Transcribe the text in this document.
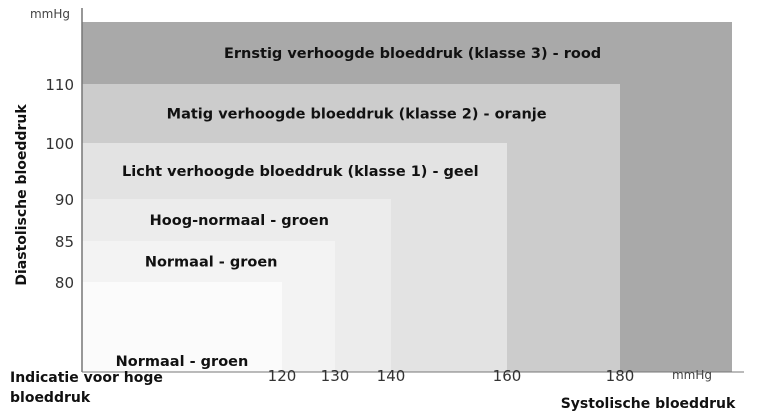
Ernstig verhoogde bloeddruk (klasse 3) - rood
Matig verhoogde bloeddruk (klasse 2) - oranje
Licht verhoogde bloeddruk (klasse 1) - geel
Hoog-normaal - groen
Normaal - groen
Normaal - groen
120 130 140	160	180
80
85
90
100
110
mmHg
mmHg
Diastolische bloeddruk
Systolische bloeddruk
Indicatie voor hoge bloeddruk
